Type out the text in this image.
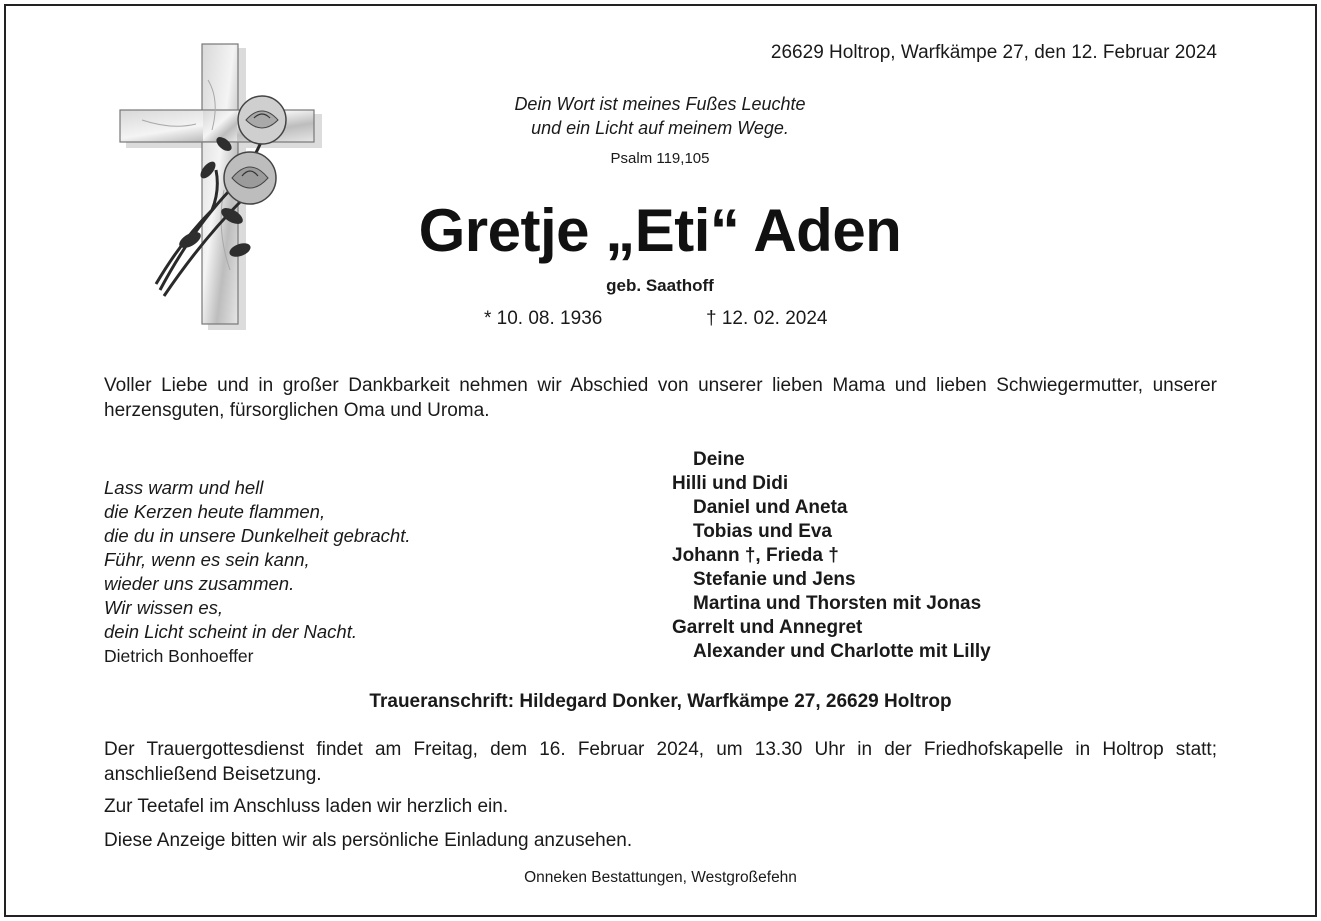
26629 Holtrop, Warfkämpe 27, den 12. Februar 2024

Dein Wort ist meines Fußes Leuchte
und ein Licht auf meinem Wege.

Psalm 119,105

Gretje „Eti“ Aden

geb. Saathoff

* 10. 08. 1936	† 12. 02. 2024

Voller Liebe und in großer Dankbarkeit nehmen wir Abschied von unserer lieben Mama und lieben Schwiegermutter, unserer herzensguten, fürsorglichen Oma und Uroma.

Lass warm und hell
die Kerzen heute flammen,
die du in unsere Dunkelheit gebracht.
Führ, wenn es sein kann,
wieder uns zusammen.
Wir wissen es,
dein Licht scheint in der Nacht.
Dietrich Bonhoeffer
Deine
Hilli und Didi
Daniel und Aneta
Tobias und Eva
Johann †, Frieda †
Stefanie und Jens
Martina und Thorsten mit Jonas
Garrelt und Annegret
Alexander und Charlotte mit Lilly

Traueranschrift: Hildegard Donker, Warfkämpe 27, 26629 Holtrop

Der Trauergottesdienst findet am Freitag, dem 16. Februar 2024, um 13.30 Uhr in der Friedhofskapelle in Holtrop statt; anschließend Beisetzung.

Zur Teetafel im Anschluss laden wir herzlich ein.

Diese Anzeige bitten wir als persönliche Einladung anzusehen.

Onneken Bestattungen, Westgroßefehn
